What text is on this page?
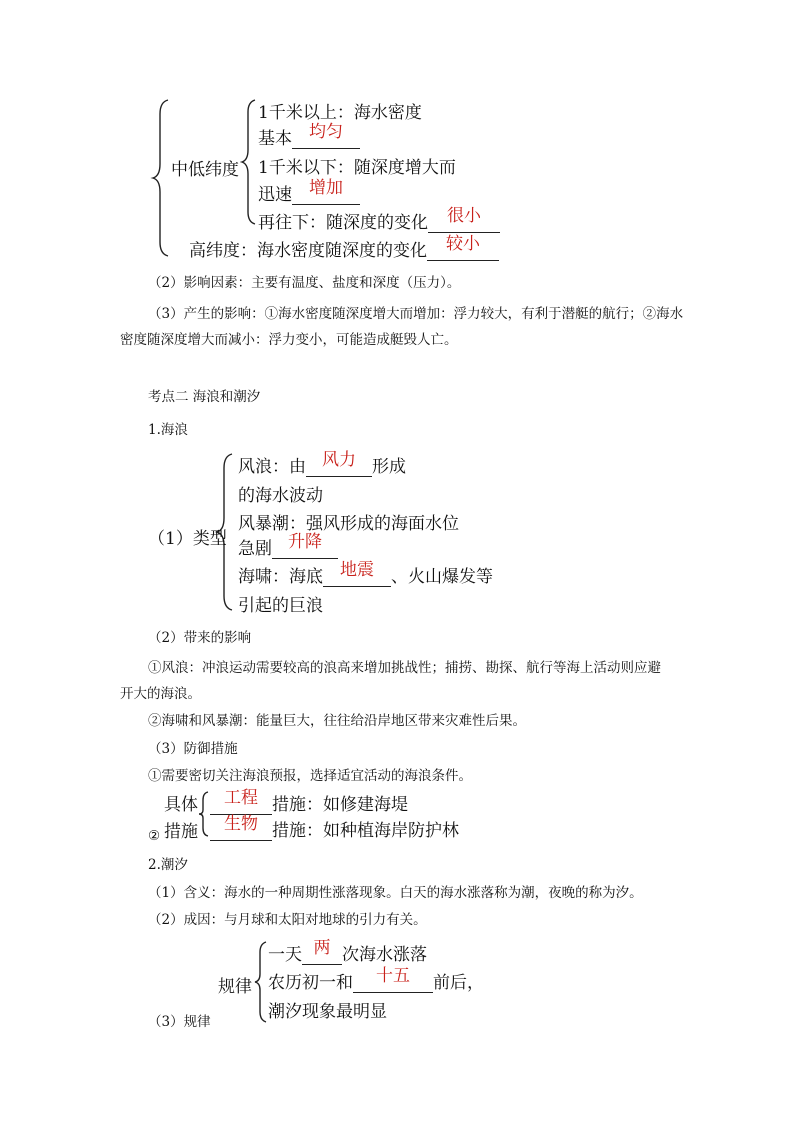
中低纬度
1千米以上：海水密度
基本 均匀
1千米以下：随深度增大而
迅速 增加
再往下：随深度的变化 很小
高纬度：海水密度随深度的变化 较小
（2）影响因素：主要有温度、盐度和深度（压力）。
（3）产生的影响：①海水密度随深度增大而增加：浮力较大，有利于潜艇的航行；②海水
密度随深度增大而减小：浮力变小，可能造成艇毁人亡。
考点二 海浪和潮汐
1.海浪
（1）类型
风浪：由 风力 形成
的海水波动
风暴潮：强风形成的海面水位
急剧 升降
海啸：海底 地震 、火山爆发等
引起的巨浪
（2）带来的影响
①风浪：冲浪运动需要较高的浪高来增加挑战性；捕捞、勘探、航行等海上活动则应避
开大的海浪。
②海啸和风暴潮：能量巨大，往往给沿岸地区带来灾难性后果。
（3）防御措施
①需要密切关注海浪预报，选择适宜活动的海浪条件。
具体
措施
②
工程 措施：如修建海堤
生物 措施：如种植海岸防护林
2.潮汐
（1）含义：海水的一种周期性涨落现象。白天的海水涨落称为潮，夜晚的称为汐。
（2）成因：与月球和太阳对地球的引力有关。
规律
一天 两 次海水涨落
农历初一和 十五 前后，
潮汐现象最明显
（3）规律
